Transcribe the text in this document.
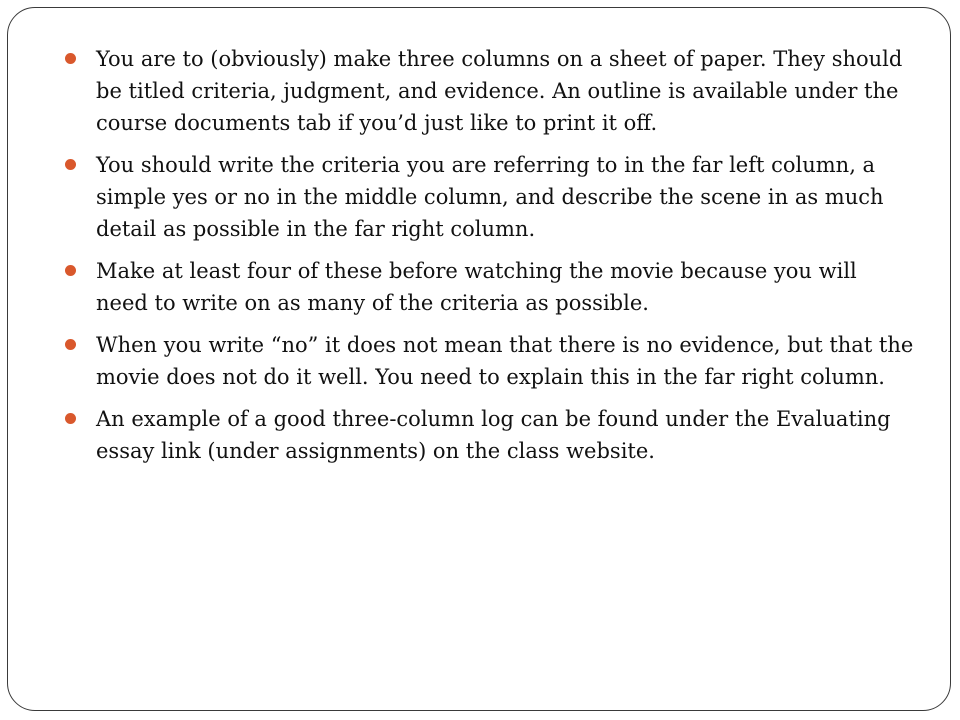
You are to (obviously) make three columns on a sheet of paper. They should be titled criteria, judgment, and evidence. An outline is available under the course documents tab if you’d just like to print it off.
You should write the criteria you are referring to in the far left column, a simple yes or no in the middle column, and describe the scene in as much detail as possible in the far right column.
Make at least four of these before watching the movie because you will need to write on as many of the criteria as possible.
When you write “no” it does not mean that there is no evidence, but that the movie does not do it well. You need to explain this in the far right column.
An example of a good three-column log can be found under the Evaluating essay link (under assignments) on the class website.
